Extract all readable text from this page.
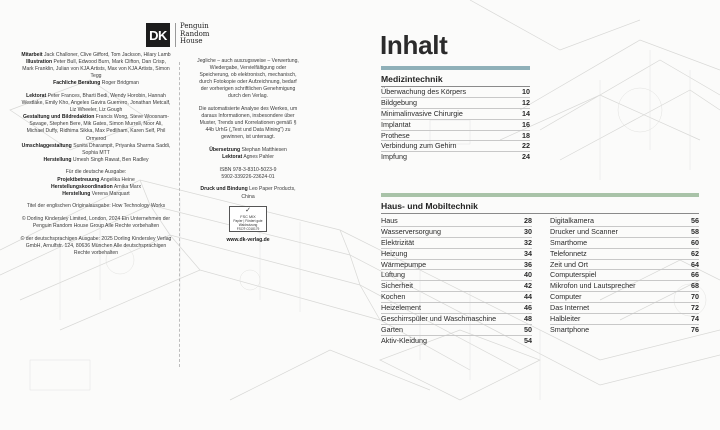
DK
Penguin
Random
House
Mitarbeit Jack Challoner, Clive Gifford, Tom Jackson, Hilary Lamb
Illustration Peter Bull, Edwood Burn, Mark Clifton, Dan Crisp, Mark Franklin, Julian von KJA Artists, Max von KJA Artists, Simon Tegg
Fachliche Beratung Roger Bridgman
Lektorat Peter Frances, Bharti Bedi, Wendy Horobin, Hannah Westlake, Emily Kho, Angeles Gavira Guerrero, Jonathan Metcalf, Liz Wheeler, Liz Gough
Gestaltung und Bildredaktion Francis Wong, Steve Woosnam-Savage, Stephen Bere, Mik Gates, Simon Murrell, Noor Ali, Michael Duffy, Ridhima Sikka, Max Pedliham, Karen Self, Phil Ormerod
Umschlaggestaltung Sunita Dharampit, Priyanka Sharma Saddi, Sophia MTT
Herstellung Umesh Singh Rawat, Ben Radley
Für die deutsche Ausgabe:
Projektbetreuung Angelika Heine
Herstellungskoordination Arnika Marx
Herstellung Verena Marquart
Titel der englischen Originalausgabe: How Technology Works
© Dorling Kindersley Limited, London, 2024 Ein Unternehmen der Penguin Random House Group Alle Rechte vorbehalten
© der deutschsprachigen Ausgabe: 2025 Dorling Kindersley Verlag GmbH, Arnulfstr. 124, 80636 München Alle deutschsprachigen Rechte vorbehalten
Jegliche – auch auszugsweise – Verwertung, Wiedergabe, Vervielfältigung oder Speicherung, ob elektronisch, mechanisch, durch Fotokopie oder Aufzeichnung, bedarf der vorherigen schriftlichen Genehmigung durch den Verlag.
Die automatisierte Analyse des Werkes, um daraus Informationen, insbesondere über Muster, Trends und Korrelationen gemäß § 44b UrhG („Text und Data Mining") zu gewinnen, ist untersagt.
Übersetzung Stephan Matthiesen
Lektorat Agnes Pahler
ISBN 978-3-8310-5023-9
5902-339226-23624-01
Druck und Bindung Leo Paper Products, China
✓
FSC MIX
Papier | Fördert gute Waldnutzung
FSC® C018179
www.dk-verlag.de
Inhalt
Medizintechnik
Überwachung des Körpers	10
Bildgebung	12
Minimalinvasive Chirurgie	14
Implantat	16
Prothese	18
Verbindung zum Gehirn	22
Impfung	24
Haus- und Mobiltechnik
Haus	28
Wasserversorgung	30
Elektrizität	32
Heizung	34
Wärmepumpe	36
Lüftung	40
Sicherheit	42
Kochen	44
Heizelement	46
Geschirrspüler und Waschmaschine	48
Garten	50
Aktiv-Kleidung	54
Digitalkamera	56
Drucker und Scanner	58
Smarthome	60
Telefonnetz	62
Zeit und Ort	64
Computerspiel	66
Mikrofon und Lautsprecher	68
Computer	70
Das Internet	72
Halbleiter	74
Smartphone	76
